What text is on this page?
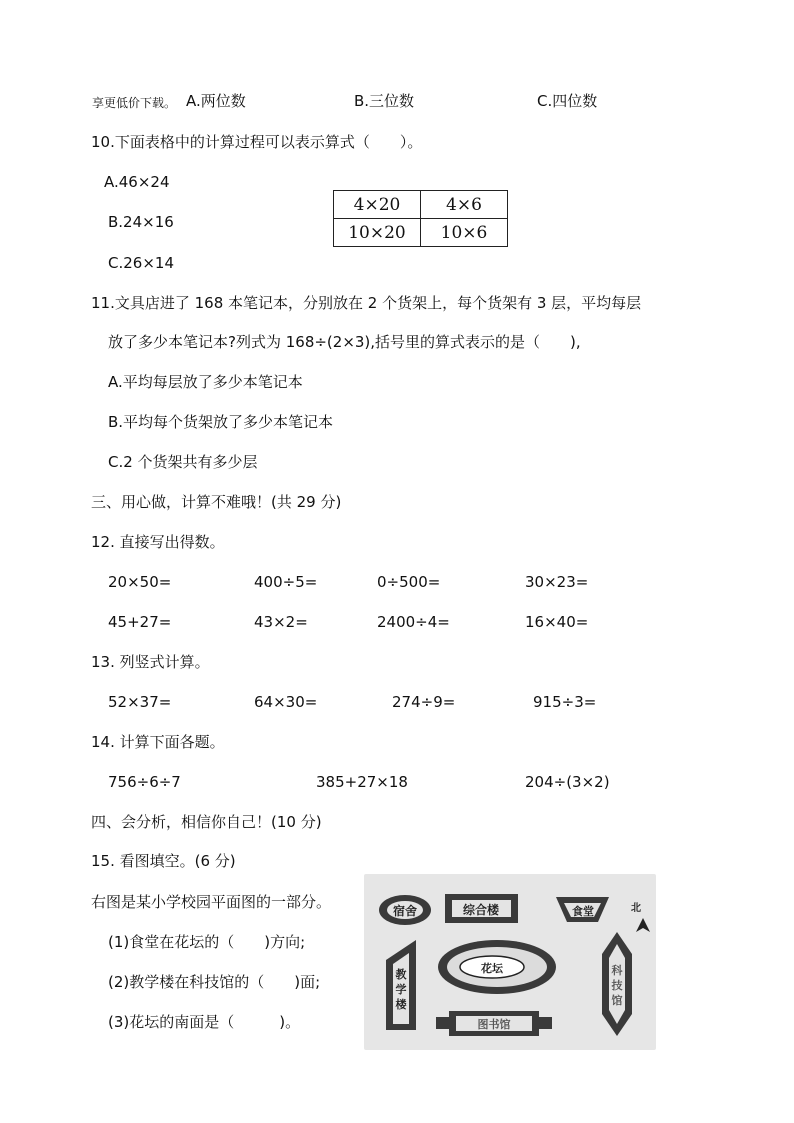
享更低价下载。 A.两位数	B.三位数	C.四位数
10.下面表格中的计算过程可以表示算式（　　）。
A.46×24
B.24×16
C.26×14
4×20	4×6
10×20	10×6
11.文具店进了 168 本笔记本，分别放在 2 个货架上，每个货架有 3 层，平均每层
放了多少本笔记本?列式为 168÷(2×3),括号里的算式表示的是（　　),
A.平均每层放了多少本笔记本
B.平均每个货架放了多少本笔记本
C.2 个货架共有多少层
三、用心做，计算不难哦！(共 29 分)
12. 直接写出得数。
20×50=	400÷5=	0÷500=	30×23=
45+27=	43×2=	2400÷4=	16×40=
13. 列竖式计算。
52×37=	64×30=	274÷9=	915÷3=
14. 计算下面各题。
756÷6÷7	385+27×18	204÷(3×2)
四、会分析，相信你自己！(10 分)
15. 看图填空。(6 分)
右图是某小学校园平面图的一部分。
(1)食堂在花坛的（　　)方向;
(2)教学楼在科技馆的（　　)面;
(3)花坛的南面是（　　　)。
宿舍	综合楼	食堂	北
教学楼
花坛
图书馆
科技馆
